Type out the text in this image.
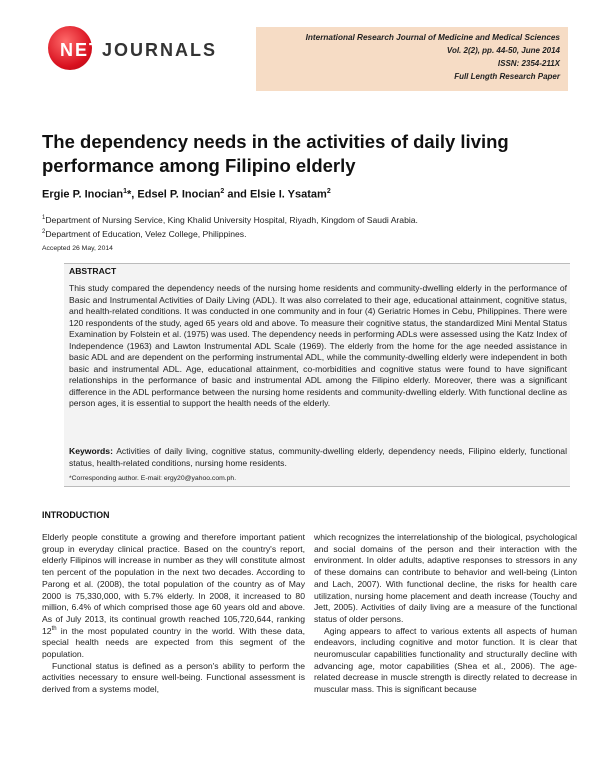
NETJOURNALS
International Research Journal of Medicine and Medical Sciences
Vol. 2(2), pp. 44-50, June 2014
ISSN: 2354-211X
Full Length Research Paper
The dependency needs in the activities of daily living performance among Filipino elderly
Ergie P. Inocian$^1$*, Edsel P. Inocian$^2$ and Elsie I. Ysatam$^2$
$^1$Department of Nursing Service, King Khalid University Hospital, Riyadh, Kingdom of Saudi Arabia.
$^2$Department of Education, Velez College, Philippines.
Accepted 26 May, 2014
ABSTRACT

This study compared the dependency needs of the nursing home residents and community-dwelling elderly in the performance of Basic and Instrumental Activities of Daily Living (ADL). It was also correlated to their age, educational attainment, cognitive status, and health-related conditions. It was conducted in one community and in four (4) Geriatric Homes in Cebu, Philippines. There were 120 respondents of the study, aged 65 years old and above. To measure their cognitive status, the standardized Mini Mental Status Examination by Folstein et al. (1975) was used. The dependency needs in performing ADLs were assessed using the Katz Index of Independence (1963) and Lawton Instrumental ADL Scale (1969). The elderly from the home for the age needed assistance in basic ADL and are dependent on the performing instrumental ADL, while the community-dwelling elderly were independent in both basic and instrumental ADL. Age, educational attainment, co-morbidities and cognitive status were found to have significant relationships in the performance of basic and instrumental ADL among the Filipino elderly. Moreover, there was a significant difference in the ADL performance between the nursing home residents and community-dwelling elderly. With functional decline as person ages, it is essential to support the health needs of the elderly.

Keywords: Activities of daily living, cognitive status, community-dwelling elderly, dependency needs, Filipino elderly, functional status, health-related conditions, nursing home residents.

*Corresponding author. E-mail: ergy20@yahoo.com.ph.
INTRODUCTION

Elderly people constitute a growing and therefore important patient group in everyday clinical practice. Based on the country's report, elderly Filipinos will increase in number as they will constitute almost ten percent of the population in the next two decades. According to Parong et al. (2008), the total population of the country as of May 2000 is 75,330,000, with 5.7% elderly. In 2008, it increased to 80 million, 6.4% of which comprised those age 60 years old and above. As of July 2013, its continual growth reached 105,720,644, ranking 12th in the most populated country in the world. With these data, special health needs are expected from this segment of the population.

Functional status is defined as a person's ability to perform the activities necessary to ensure well-being. Functional assessment is derived from a systems model,

which recognizes the interrelationship of the biological, psychological and social domains of the person and their interaction with the environment. In older adults, adaptive responses to stressors in any of these domains can contribute to behavior and well-being (Linton and Lach, 2007). With functional decline, the risks for health care utilization, nursing home placement and death increase (Touchy and Jett, 2005). Activities of daily living are a measure of the functional status of older persons.

Aging appears to affect to various extents all aspects of human endeavors, including cognitive and motor function. It is clear that neuromuscular capabilities functionality and structurally decline with advancing age, motor capabilities (Shea et al., 2006). The age-related decrease in muscle strength is directly related to decrease in muscular mass. This is significant because
